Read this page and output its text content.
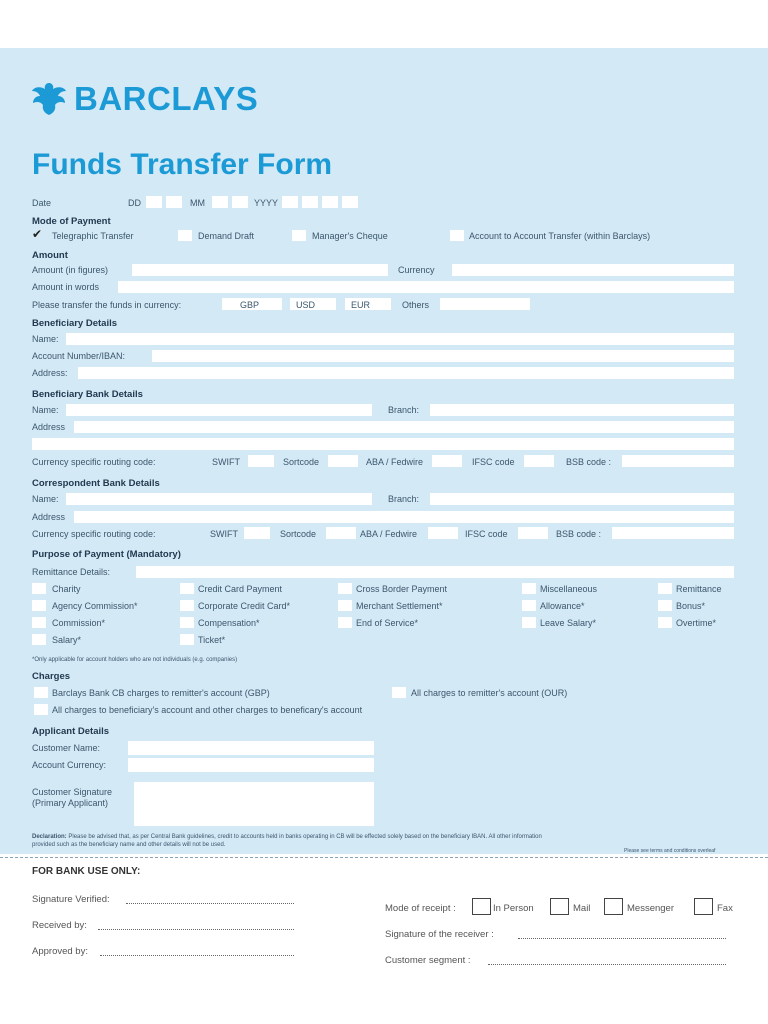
BARCLAYS
Funds Transfer Form
Date	DD	MM	YYYY
Mode of Payment
✔ Telegraphic Transfer	Demand Draft	Manager's Cheque	Account to Account Transfer (within Barclays)
Amount
Amount (in figures)	Currency
Amount in words
Please transfer the funds in currency:	GBP	USD	EUR	Others
Beneficiary Details
Name:
Account Number/IBAN:
Address:
Beneficiary Bank Details
Name:	Branch:
Address
Currency specific routing code:	SWIFT	Sortcode	ABA / Fedwire	IFSC code	BSB code :
Correspondent Bank Details
Name:	Branch:
Address
Currency specific routing code:	SWIFT	Sortcode	ABA / Fedwire	IFSC code	BSB code :
Purpose of Payment (Mandatory)
Remittance Details:
Charity	Credit Card Payment	Cross Border Payment	Miscellaneous	Remittance
Agency Commission*	Corporate Credit Card*	Merchant Settlement*	Allowance*	Bonus*
Commission*	Compensation*	End of Service*	Leave Salary*	Overtime*
Salary*	Ticket*
*Only applicable for account holders who are not individuals (e.g. companies)
Charges
Barclays Bank CB charges to remitter's account (GBP)	All charges to remitter's account (OUR)
All charges to beneficiary's account and other charges to beneficary's account
Applicant Details
Customer Name:
Account Currency:
Customer Signature
(Primary Applicant)
Declaration: Please be advised that, as per Central Bank guidelines, credit to accounts held in banks operating in CB will be effected solely based on the beneficiary IBAN. All other information
provided such as the beneficiary name and other details will not be used.
Please see terms and conditions overleaf
FOR BANK USE ONLY:
Signature Verified:
Received by:
Approved by:
Mode of receipt :	In Person	Mail	Messenger	Fax
Signature of the receiver :
Customer segment :
